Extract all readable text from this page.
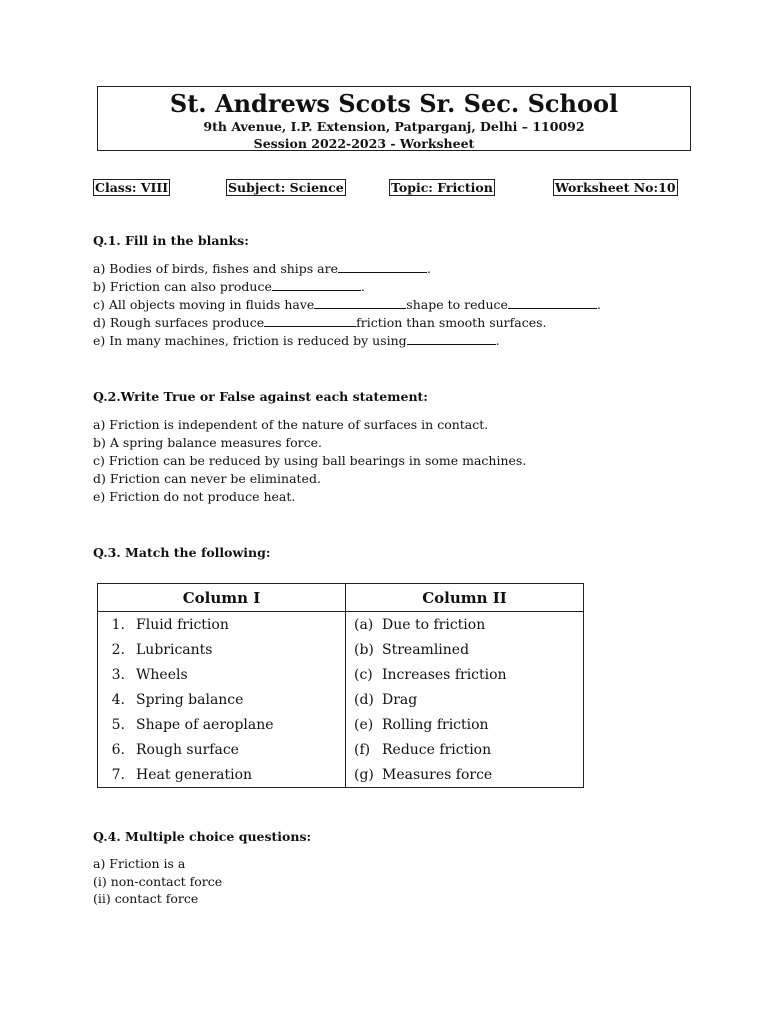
St. Andrews Scots Sr. Sec. School
9th Avenue, I.P. Extension, Patparganj, Delhi – 110092
Session 2022-2023 - Worksheet
Class: VIII	Subject: Science	Topic: Friction	Worksheet No:10
Q.1. Fill in the blanks:
a) Bodies of birds, fishes and ships are	.
b) Friction can also produce	.
c) All objects moving in fluids have	shape to reduce	.
d) Rough surfaces produce	friction than smooth surfaces.
e) In many machines, friction is reduced by using	.
Q.2.Write True or False against each statement:
a) Friction is independent of the nature of surfaces in contact.
b) A spring balance measures force.
c) Friction can be reduced by using ball bearings in some machines.
d) Friction can never be eliminated.
e) Friction do not produce heat.
Q.3. Match the following:
Column I	Column II
1. Fluid friction	(a) Due to friction
2. Lubricants	(b) Streamlined
3. Wheels	(c) Increases friction
4. Spring balance	(d) Drag
5. Shape of aeroplane	(e) Rolling friction
6. Rough surface	(f) Reduce friction
7. Heat generation	(g) Measures force
Q.4. Multiple choice questions:
a) Friction is a
(i) non-contact force
(ii) contact force
